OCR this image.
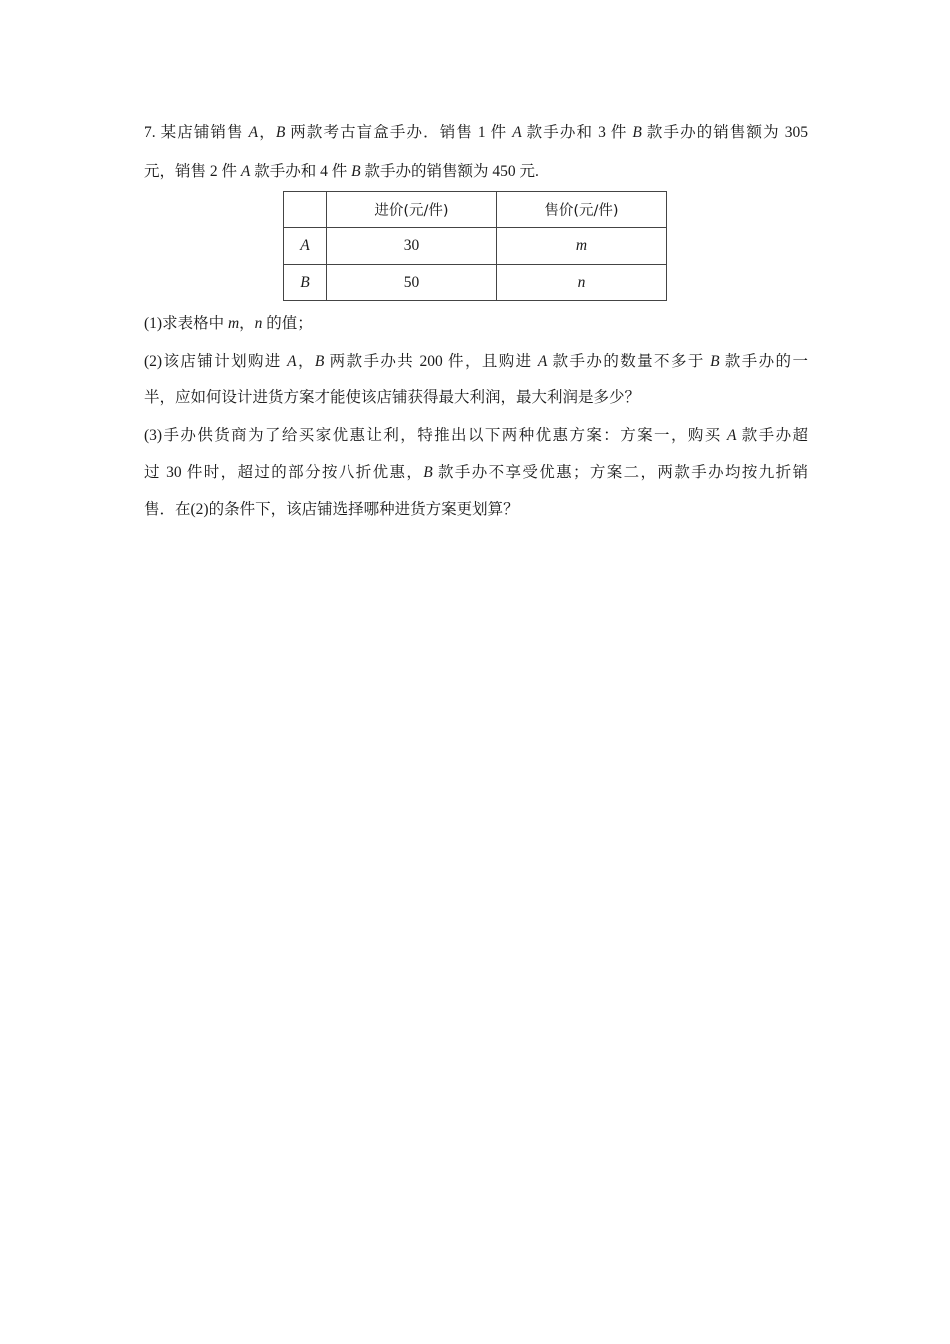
7. 某店铺销售 A，B 两款考古盲盒手办．销售 1 件 A 款手办和 3 件 B 款手办的销售额为 305
元，销售 2 件 A 款手办和 4 件 B 款手办的销售额为 450 元.
	进价(元/件)	售价(元/件)
A	30	m
B	50	n
(1)求表格中 m，n 的值；
(2)该店铺计划购进 A，B 两款手办共 200 件，且购进 A 款手办的数量不多于 B 款手办的一
半，应如何设计进货方案才能使该店铺获得最大利润，最大利润是多少？
(3)手办供货商为了给买家优惠让利，特推出以下两种优惠方案：方案一，购买 A 款手办超
过 30 件时，超过的部分按八折优惠，B 款手办不享受优惠；方案二，两款手办均按九折销
售．在(2)的条件下，该店铺选择哪种进货方案更划算？
